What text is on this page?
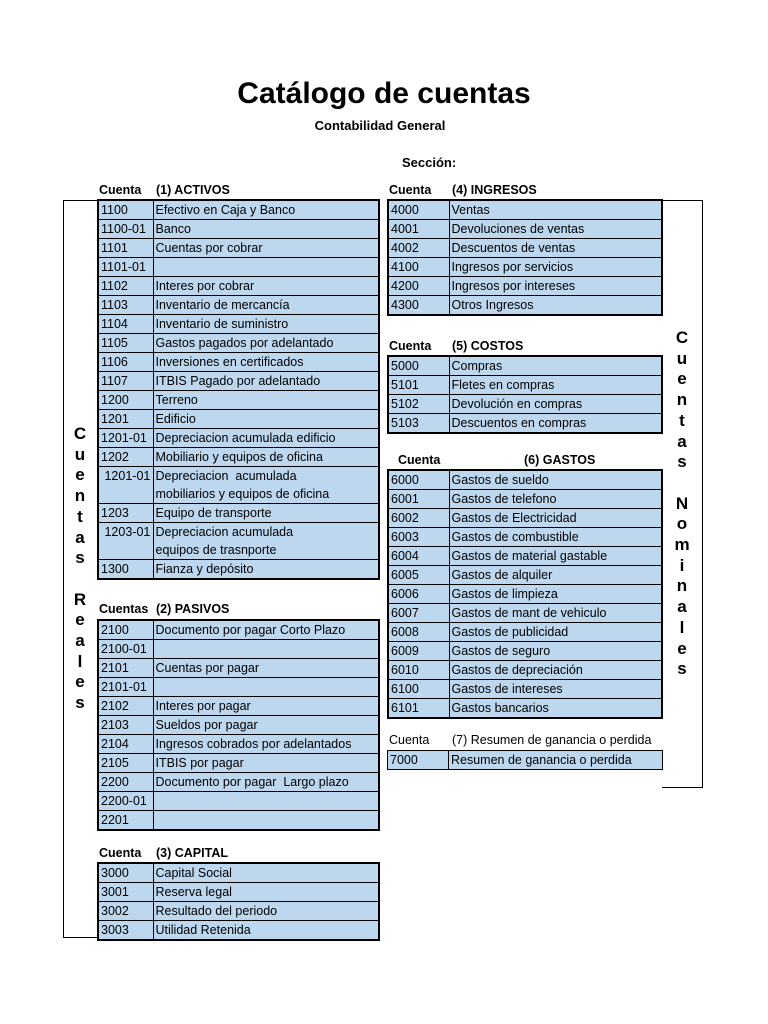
Catálogo de cuentas
Contabilidad General
Sección:
C
u
e
n
t
a
s

R
e
a
l
e
s
C
u
e
n
t
a
s

N
o
m
i
n
a
l
e
s
Cuenta (1) ACTIVOS
Cuentas (2) PASIVOS
Cuenta (3) CAPITAL
Cuenta (4) INGRESOS
Cuenta (5) COSTOS
Cuenta	(6) GASTOS
Cuenta (7) Resumen de ganancia o perdida
1100	Efectivo en Caja y Banco
1100-01	Banco
1101	Cuentas por cobrar
1101-01	
1102	Interes por cobrar
1103	Inventario de mercancía
1104	Inventario de suministro
1105	Gastos pagados por adelantado
1106	Inversiones en certificados
1107	ITBIS Pagado por adelantado
1200	Terreno
1201	Edificio
1201-01	Depreciacion acumulada edificio
1202	Mobiliario y equipos de oficina
1201-01	Depreciacion  acumulada
mobiliarios y equipos de oficina
1203	Equipo de transporte
1203-01	Depreciacion acumulada
equipos de trasnporte
1300	Fianza y depósito
2100	Documento por pagar Corto Plazo
2100-01	
2101	Cuentas por pagar
2101-01	
2102	Interes por pagar
2103	Sueldos por pagar
2104	Ingresos cobrados por adelantados
2105	ITBIS por pagar
2200	Documento por pagar  Largo plazo
2200-01	
2201	
3000	Capital Social
3001	Reserva legal
3002	Resultado del periodo
3003	Utilidad Retenida
4000	Ventas
4001	Devoluciones de ventas
4002	Descuentos de ventas
4100	Ingresos por servicios
4200	Ingresos por intereses
4300	Otros Ingresos
5000	Compras
5101	Fletes en compras
5102	Devolución en compras
5103	Descuentos en compras
6000	Gastos de sueldo
6001	Gastos de telefono
6002	Gastos de Electricidad
6003	Gastos de combustible
6004	Gastos de material gastable
6005	Gastos de alquiler
6006	Gastos de limpieza
6007	Gastos de mant de vehiculo
6008	Gastos de publicidad
6009	Gastos de seguro
6010	Gastos de depreciación
6100	Gastos de intereses
6101	Gastos bancarios
7000	Resumen de ganancia o perdida
